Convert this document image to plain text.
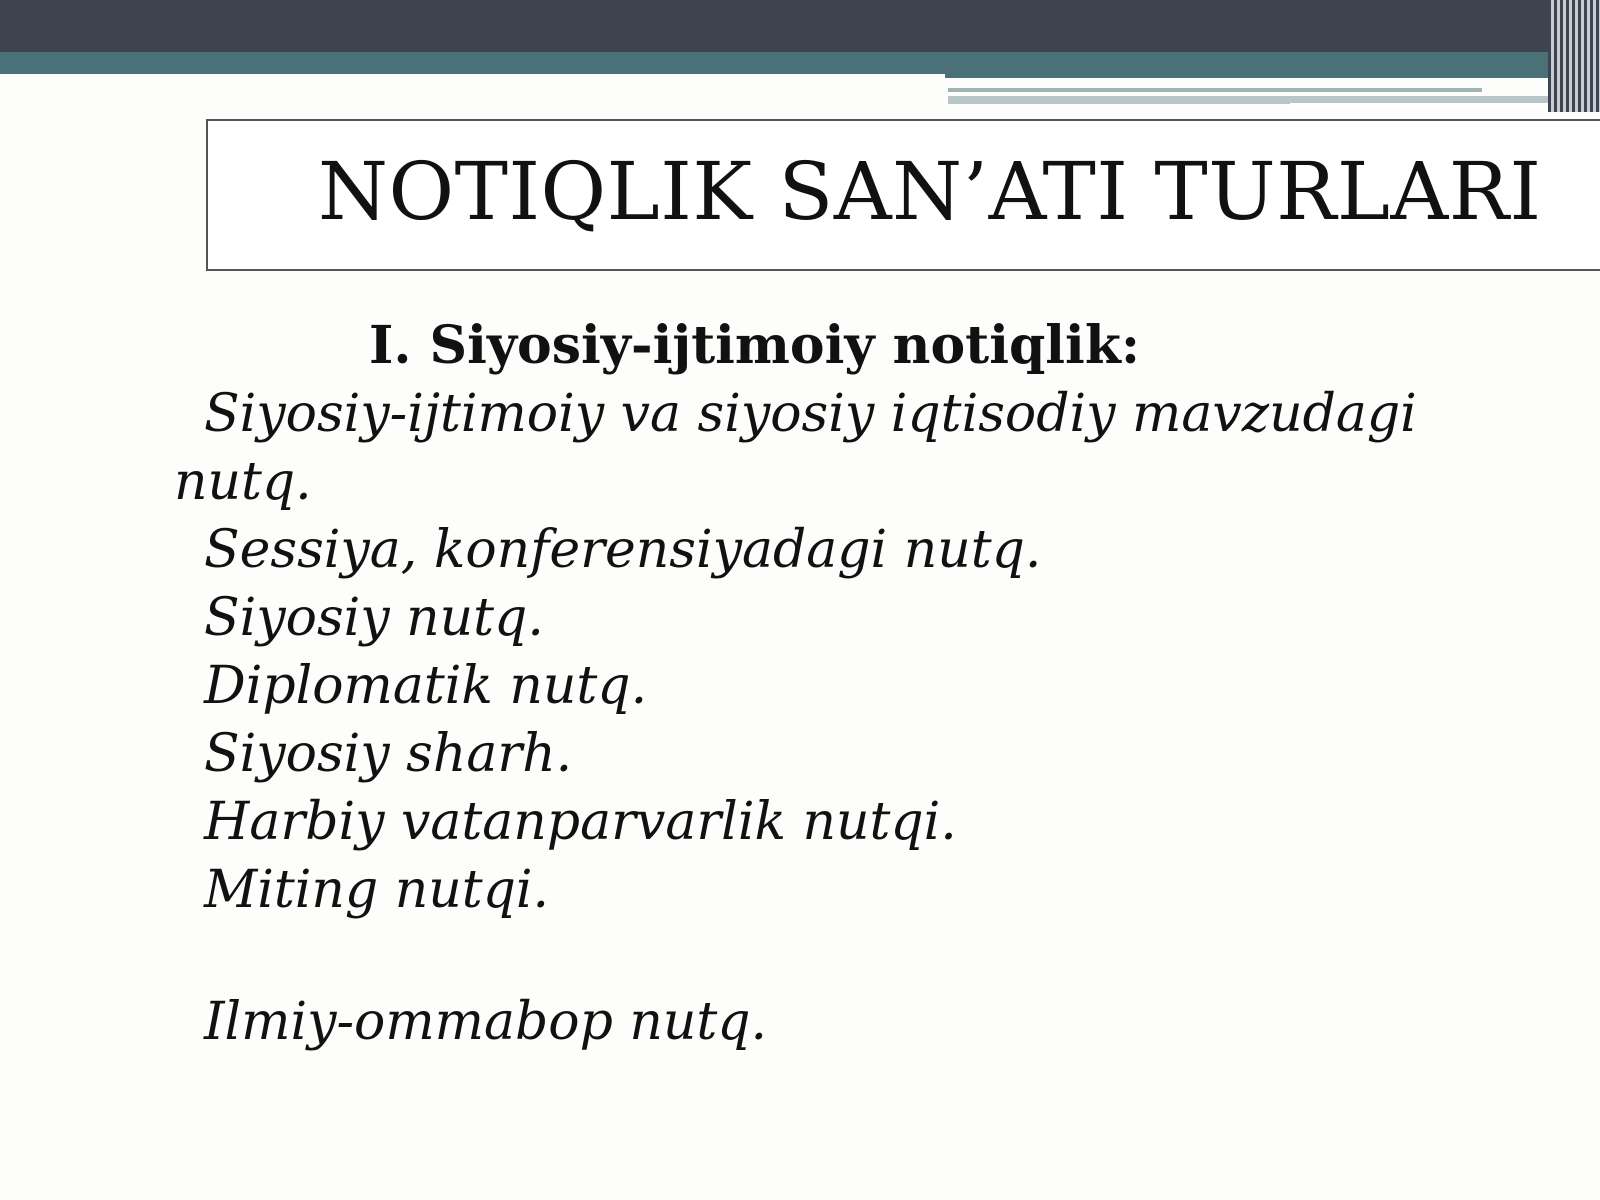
NOTIQLIK SAN’ATI TURLARI

I. Siyosiy-ijtimoiy notiqlik:

Siyosiy-ijtimoiy va siyosiy iqtisodiy mavzudagi nutq.

Sessiya, konferensiyadagi nutq.

Siyosiy nutq.

Diplomatik nutq.

Siyosiy sharh.

Harbiy vatanparvarlik nutqi.

Miting nutqi.

Ilmiy-ommabop nutq.
